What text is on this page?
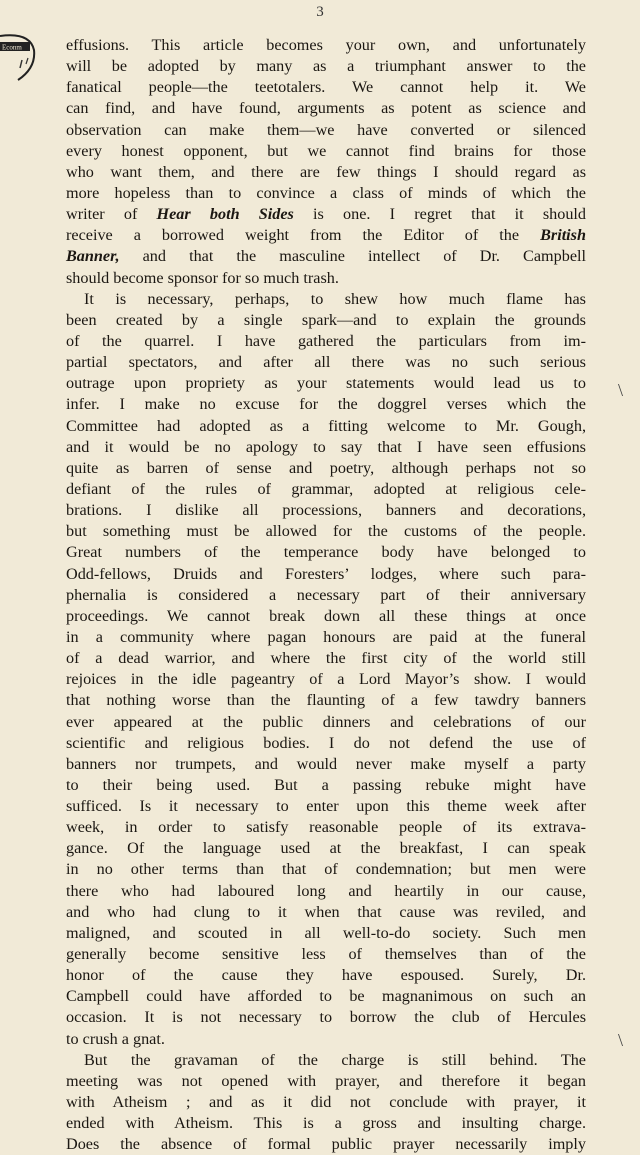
3
Econm
\
\
effusions. This article becomes your own, and unfortunately
will be adopted by many as a triumphant answer to the
fanatical people—the teetotalers. We cannot help it. We
can find, and have found, arguments as potent as science and
observation can make them—we have converted or silenced
every honest opponent, but we cannot find brains for those
who want them, and there are few things I should regard as
more hopeless than to convince a class of minds of which the
writer of Hear both Sides is one. I regret that it should
receive a borrowed weight from the Editor of the British
Banner, and that the masculine intellect of Dr. Campbell
should become sponsor for so much trash.
It is necessary, perhaps, to shew how much flame has
been created by a single spark—and to explain the grounds
of the quarrel. I have gathered the particulars from im-
partial spectators, and after all there was no such serious
outrage upon propriety as your statements would lead us to
infer. I make no excuse for the doggrel verses which the
Committee had adopted as a fitting welcome to Mr. Gough,
and it would be no apology to say that I have seen effusions
quite as barren of sense and poetry, although perhaps not so
defiant of the rules of grammar, adopted at religious cele-
brations. I dislike all processions, banners and decorations,
but something must be allowed for the customs of the people.
Great numbers of the temperance body have belonged to
Odd-fellows, Druids and Foresters’ lodges, where such para-
phernalia is considered a necessary part of their anniversary
proceedings. We cannot break down all these things at once
in a community where pagan honours are paid at the funeral
of a dead warrior, and where the first city of the world still
rejoices in the idle pageantry of a Lord Mayor’s show. I would
that nothing worse than the flaunting of a few tawdry banners
ever appeared at the public dinners and celebrations of our
scientific and religious bodies. I do not defend the use of
banners nor trumpets, and would never make myself a party
to their being used. But a passing rebuke might have
sufficed. Is it necessary to enter upon this theme week after
week, in order to satisfy reasonable people of its extrava-
gance. Of the language used at the breakfast, I can speak
in no other terms than that of condemnation; but men were
there who had laboured long and heartily in our cause,
and who had clung to it when that cause was reviled, and
maligned, and scouted in all well-to-do society. Such men
generally become sensitive less of themselves than of the
honor of the cause they have espoused. Surely, Dr.
Campbell could have afforded to be magnanimous on such an
occasion. It is not necessary to borrow the club of Hercules
to crush a gnat.
But the gravaman of the charge is still behind. The
meeting was not opened with prayer, and therefore it began
with Atheism ; and as it did not conclude with prayer, it
ended with Atheism. This is a gross and insulting charge.
Does the absence of formal public prayer necessarily imply
